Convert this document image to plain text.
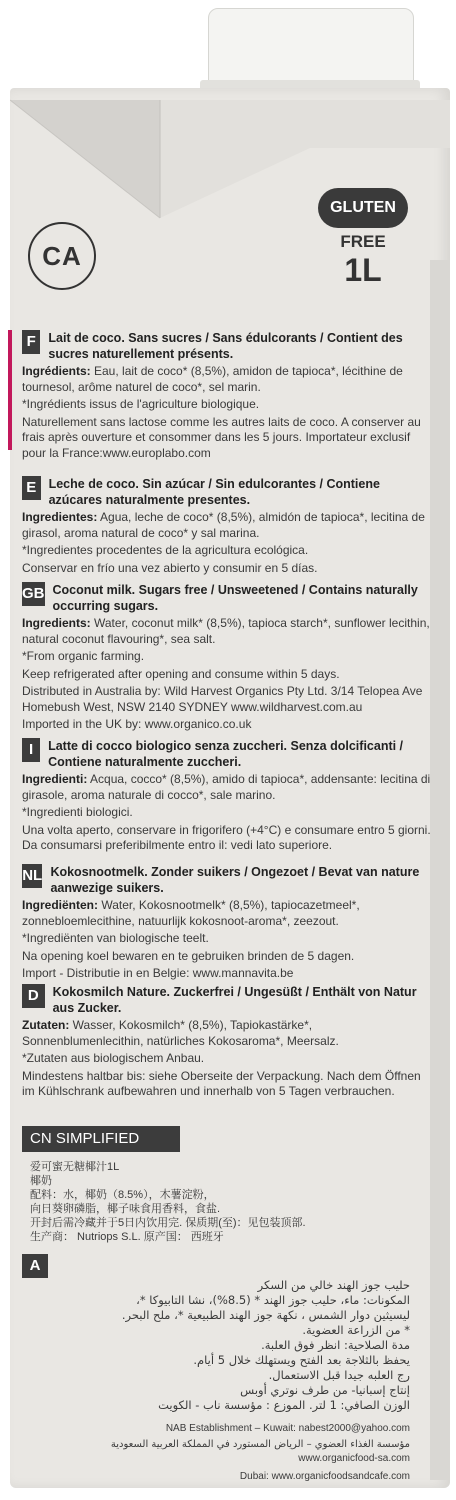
CA
GLUTEN
FREE
1L
F	Lait de coco. Sans sucres / Sans édulcorants / Contient des sucres naturellement présents.
Ingrédients: Eau, lait de coco* (8,5%), amidon de tapioca*, lécithine de tournesol, arôme naturel de coco*, sel marin.
*Ingrédients issus de l'agriculture biologique.
Naturellement sans lactose comme les autres laits de coco. A conserver au frais après ouverture et consommer dans les 5 jours. Importateur exclusif pour la France:www.europlabo.com
E Leche de coco. Sin azúcar / Sin edulcorantes / Contiene azúcares naturalmente presentes.
Ingredientes: Agua, leche de coco* (8,5%), almidón de tapioca*, lecitina de girasol, aroma natural de coco* y sal marina.
*Ingredientes procedentes de la agricultura ecológica.
Conservar en frío una vez abierto y consumir en 5 días.
GB Coconut milk. Sugars free / Unsweetened / Contains naturally occurring sugars.
Ingredients: Water, coconut milk* (8,5%), tapioca starch*, sunflower lecithin, natural coconut flavouring*, sea salt.
*From organic farming.
Keep refrigerated after opening and consume within 5 days.
Distributed in Australia by: Wild Harvest Organics Pty Ltd. 3/14 Telopea Ave Homebush West, NSW 2140 SYDNEY www.wildharvest.com.au
Imported in the UK by: www.organico.co.uk
I	Latte di cocco biologico senza zuccheri. Senza dolcificanti / Contiene naturalmente zuccheri.
Ingredienti: Acqua, cocco* (8,5%), amido di tapioca*, addensante: lecitina di girasole, aroma naturale di cocco*, sale marino.
*Ingredienti biologici.
Una volta aperto, conservare in frigorifero (+4°C) e consumare entro 5 giorni. Da consumarsi preferibilmente entro il: vedi lato superiore.
NL Kokosnootmelk. Zonder suikers / Ongezoet / Bevat van nature aanwezige suikers.
Ingrediënten: Water, Kokosnootmelk* (8,5%), tapiocazetmeel*, zonnebloemlecithine, natuurlijk kokosnoot-aroma*, zeezout.
*Ingrediënten van biologische teelt.
Na opening koel bewaren en te gebruiken brinden de 5 dagen.
Import - Distributie in en Belgie: www.mannavita.be
D	Kokosmilch Nature. Zuckerfrei / Ungesüßt / Enthält von Natur aus Zucker.
Zutaten: Wasser, Kokosmilch* (8,5%), Tapiokastärke*, Sonnenblumenlecithin, natürliches Kokosaroma*, Meersalz.
*Zutaten aus biologischem Anbau.
Mindestens haltbar bis: siehe Oberseite der Verpackung. Nach dem Öffnen im Kühlschrank aufbewahren und innerhalb von 5 Tagen verbrauchen.
CN SIMPLIFIED
爱可蜜无糖椰汁1L
椰奶
配料：水，椰奶（8.5%），木薯淀粉，
向日葵卵磷脂，椰子味食用香料，食盐.
开封后需冷藏并于5日内饮用完. 保质期(至)：见包装顶部.
生产商： Nutriops S.L. 原产国： 西班牙
A
حليب جوز الهند خالي من السكر
المكونات: ماء، حليب جوز الهند * (8.5%)، نشا التابيوكا *،
ليسيثين دوار الشمس ، نكهة جوز الهند الطبيعية *، ملح البحر.
* من الزراعة العضوية.
مدة الصلاحية: انظر فوق العلبة.
يحفظ بالثلاجة بعد الفتح ويستهلك خلال 5 أيام.
رج العلبه جيدا قبل الاستعمال.
إنتاج إسبانيا- من طرف نوتري أوبس
الوزن الصافي: 1 لتر. الموزع : مؤسسة ناب - الكويت
NAB Establishment – Kuwait: nabest2000@yahoo.com
مؤسسة الغذاء العضوي – الرياض المستورد في المملكة العربية السعودية
www.organicfood-sa.com
Dubai: www.organicfoodsandcafe.com
